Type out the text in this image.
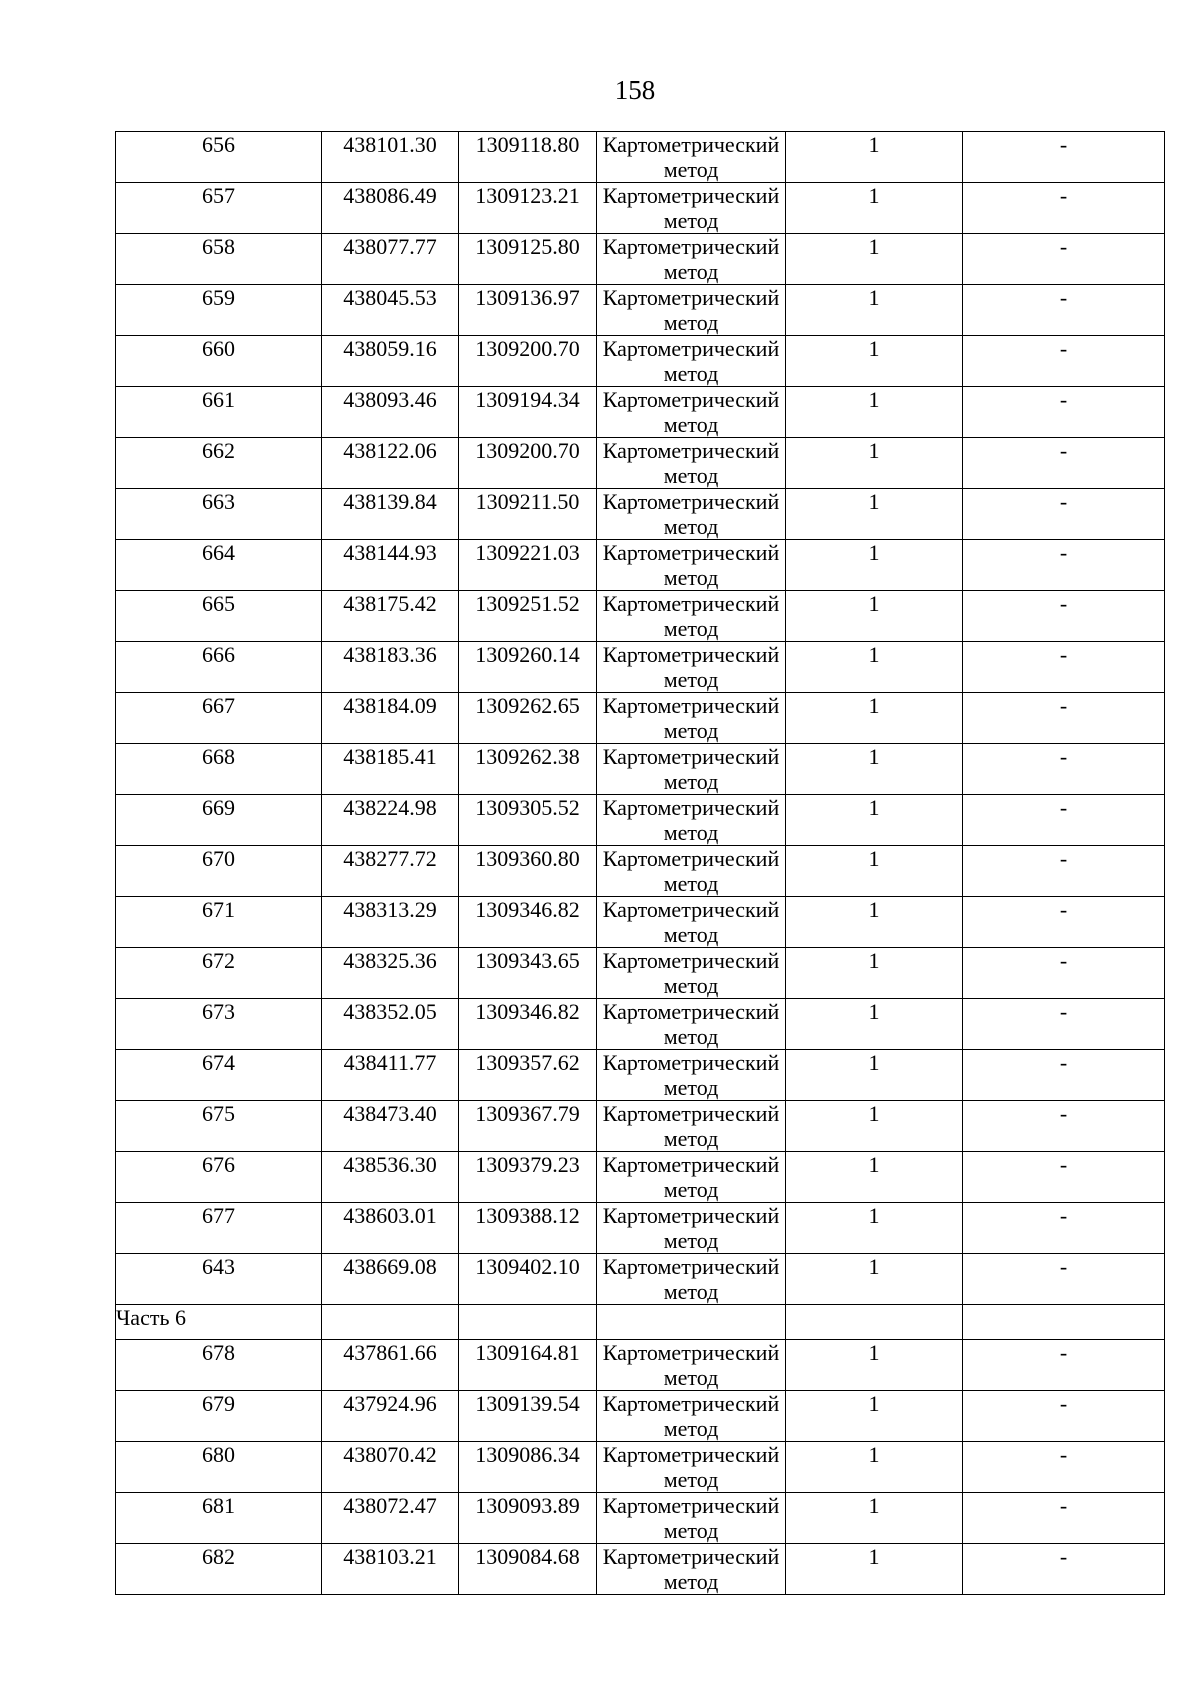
158
656	438101.30	1309118.80	Картометрический метод	1	-
657	438086.49	1309123.21	Картометрический метод	1	-
658	438077.77	1309125.80	Картометрический метод	1	-
659	438045.53	1309136.97	Картометрический метод	1	-
660	438059.16	1309200.70	Картометрический метод	1	-
661	438093.46	1309194.34	Картометрический метод	1	-
662	438122.06	1309200.70	Картометрический метод	1	-
663	438139.84	1309211.50	Картометрический метод	1	-
664	438144.93	1309221.03	Картометрический метод	1	-
665	438175.42	1309251.52	Картометрический метод	1	-
666	438183.36	1309260.14	Картометрический метод	1	-
667	438184.09	1309262.65	Картометрический метод	1	-
668	438185.41	1309262.38	Картометрический метод	1	-
669	438224.98	1309305.52	Картометрический метод	1	-
670	438277.72	1309360.80	Картометрический метод	1	-
671	438313.29	1309346.82	Картометрический метод	1	-
672	438325.36	1309343.65	Картометрический метод	1	-
673	438352.05	1309346.82	Картометрический метод	1	-
674	438411.77	1309357.62	Картометрический метод	1	-
675	438473.40	1309367.79	Картометрический метод	1	-
676	438536.30	1309379.23	Картометрический метод	1	-
677	438603.01	1309388.12	Картометрический метод	1	-
643	438669.08	1309402.10	Картометрический метод	1	-
Часть 6					
678	437861.66	1309164.81	Картометрический метод	1	-
679	437924.96	1309139.54	Картометрический метод	1	-
680	438070.42	1309086.34	Картометрический метод	1	-
681	438072.47	1309093.89	Картометрический метод	1	-
682	438103.21	1309084.68	Картометрический метод	1	-
